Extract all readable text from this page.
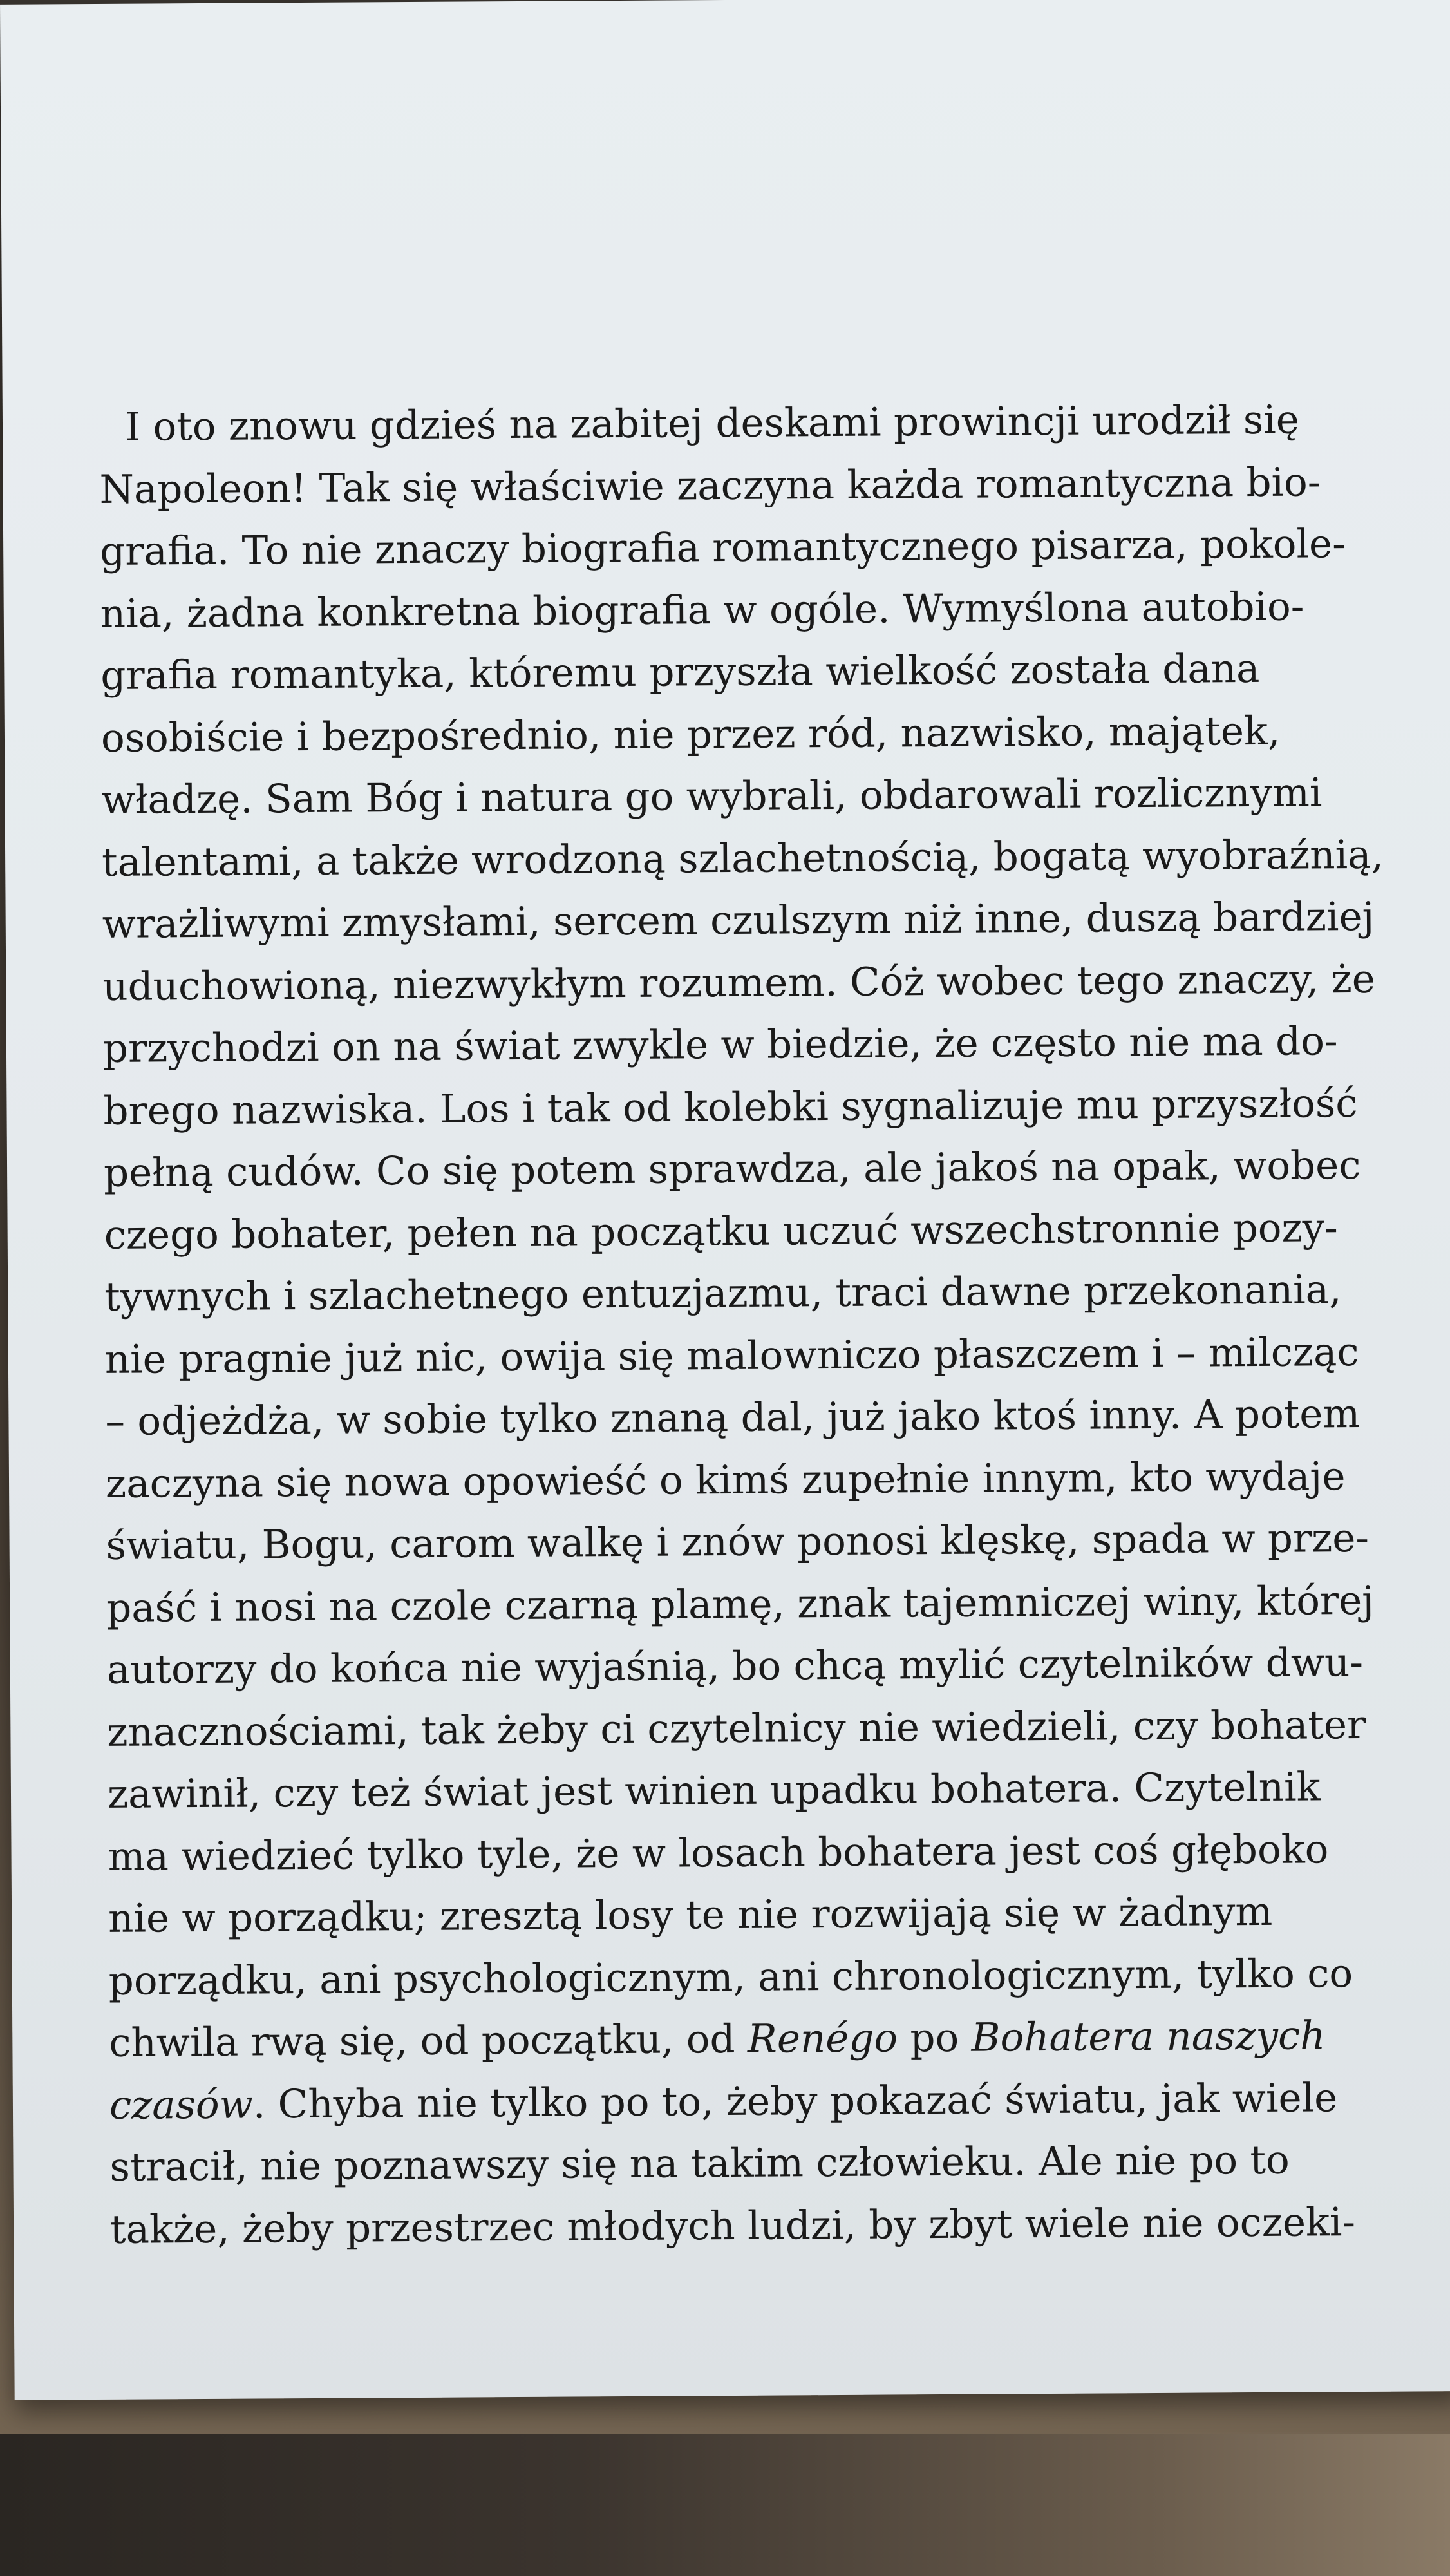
I oto znowu gdzieś na zabitej deskami prowincji urodził się
Napoleon! Tak się właściwie zaczyna każda romantyczna bio-
grafia. To nie znaczy biografia romantycznego pisarza, pokole-
nia, żadna konkretna biografia w ogóle. Wymyślona autobio-
grafia romantyka, któremu przyszła wielkość została dana
osobiście i bezpośrednio, nie przez ród, nazwisko, majątek,
władzę. Sam Bóg i natura go wybrali, obdarowali rozlicznymi
talentami, a także wrodzoną szlachetnością, bogatą wyobraźnią,
wrażliwymi zmysłami, sercem czulszym niż inne, duszą bardziej
uduchowioną, niezwykłym rozumem. Cóż wobec tego znaczy, że
przychodzi on na świat zwykle w biedzie, że często nie ma do-
brego nazwiska. Los i tak od kolebki sygnalizuje mu przyszłość
pełną cudów. Co się potem sprawdza, ale jakoś na opak, wobec
czego bohater, pełen na początku uczuć wszechstronnie pozy-
tywnych i szlachetnego entuzjazmu, traci dawne przekonania,
nie pragnie już nic, owija się malowniczo płaszczem i – milcząc
– odjeżdża, w sobie tylko znaną dal, już jako ktoś inny. A potem
zaczyna się nowa opowieść o kimś zupełnie innym, kto wydaje
światu, Bogu, carom walkę i znów ponosi klęskę, spada w prze-
paść i nosi na czole czarną plamę, znak tajemniczej winy, której
autorzy do końca nie wyjaśnią, bo chcą mylić czytelników dwu-
znacznościami, tak żeby ci czytelnicy nie wiedzieli, czy bohater
zawinił, czy też świat jest winien upadku bohatera. Czytelnik
ma wiedzieć tylko tyle, że w losach bohatera jest coś głęboko
nie w porządku; zresztą losy te nie rozwijają się w żadnym
porządku, ani psychologicznym, ani chronologicznym, tylko co
chwila rwą się, od początku, od Renégo po Bohatera naszych
czasów. Chyba nie tylko po to, żeby pokazać światu, jak wiele
stracił, nie poznawszy się na takim człowieku. Ale nie po to
także, żeby przestrzec młodych ludzi, by zbyt wiele nie oczeki-
